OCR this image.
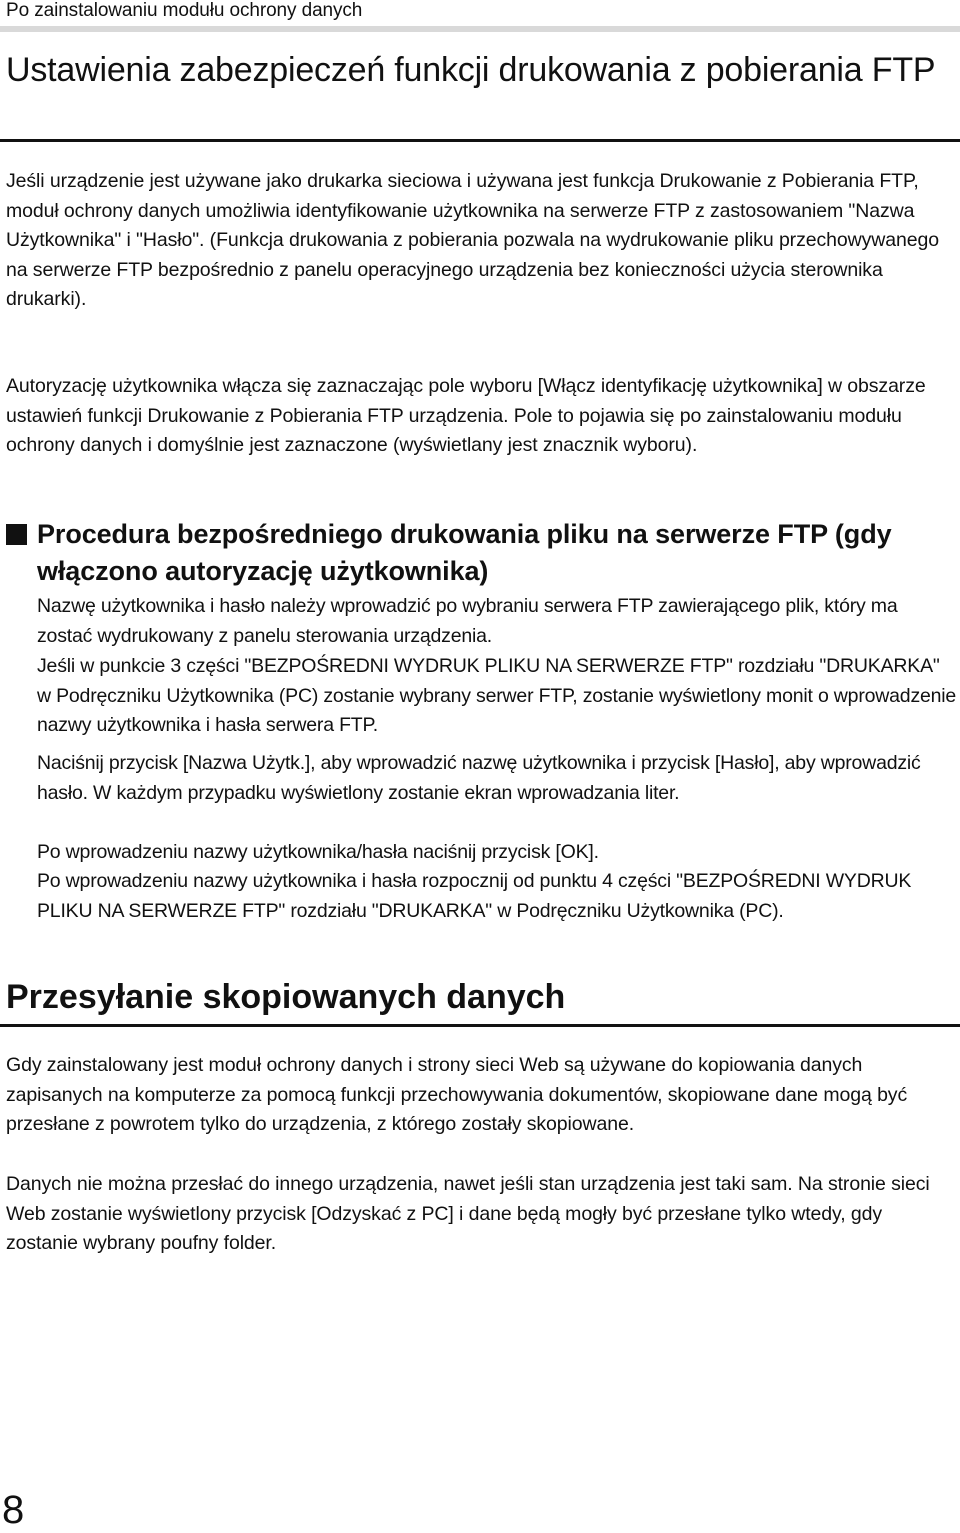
Po zainstalowaniu modułu ochrony danych
Ustawienia zabezpieczeń funkcji drukowania z pobierania FTP

Jeśli urządzenie jest używane jako drukarka sieciowa i używana jest funkcja Drukowanie z Pobierania FTP, moduł ochrony danych umożliwia identyfikowanie użytkownika na serwerze FTP z zastosowaniem "Nazwa Użytkownika" i "Hasło". (Funkcja drukowania z pobierania pozwala na wydrukowanie pliku przechowywanego na serwerze FTP bezpośrednio z panelu operacyjnego urządzenia bez konieczności użycia sterownika drukarki).

Autoryzację użytkownika włącza się zaznaczając pole wyboru [Włącz identyfikację użytkownika] w obszarze ustawień funkcji Drukowanie z Pobierania FTP urządzenia. Pole to pojawia się po zainstalowaniu modułu ochrony danych i domyślnie jest zaznaczone (wyświetlany jest znacznik wyboru).

Procedura bezpośredniego drukowania pliku na serwerze FTP (gdy włączono autoryzację użytkownika)

Nazwę użytkownika i hasło należy wprowadzić po wybraniu serwera FTP zawierającego plik, który ma zostać wydrukowany z panelu sterowania urządzenia.

Jeśli w punkcie 3 części "BEZPOŚREDNI WYDRUK PLIKU NA SERWERZE FTP" rozdziału "DRUKARKA" w Podręczniku Użytkownika (PC) zostanie wybrany serwer FTP, zostanie wyświetlony monit o wprowadzenie nazwy użytkownika i hasła serwera FTP.

Naciśnij przycisk [Nazwa Użytk.], aby wprowadzić nazwę użytkownika i przycisk [Hasło], aby wprowadzić hasło. W każdym przypadku wyświetlony zostanie ekran wprowadzania liter.

Po wprowadzeniu nazwy użytkownika/hasła naciśnij przycisk [OK].

Po wprowadzeniu nazwy użytkownika i hasła rozpocznij od punktu 4 części "BEZPOŚREDNI WYDRUK PLIKU NA SERWERZE FTP" rozdziału "DRUKARKA" w Podręczniku Użytkownika (PC).

Przesyłanie skopiowanych danych

Gdy zainstalowany jest moduł ochrony danych i strony sieci Web są używane do kopiowania danych zapisanych na komputerze za pomocą funkcji przechowywania dokumentów, skopiowane dane mogą być przesłane z powrotem tylko do urządzenia, z którego zostały skopiowane.

Danych nie można przesłać do innego urządzenia, nawet jeśli stan urządzenia jest taki sam. Na stronie sieci Web zostanie wyświetlony przycisk [Odzyskać z PC] i dane będą mogły być przesłane tylko wtedy, gdy zostanie wybrany poufny folder.

8
